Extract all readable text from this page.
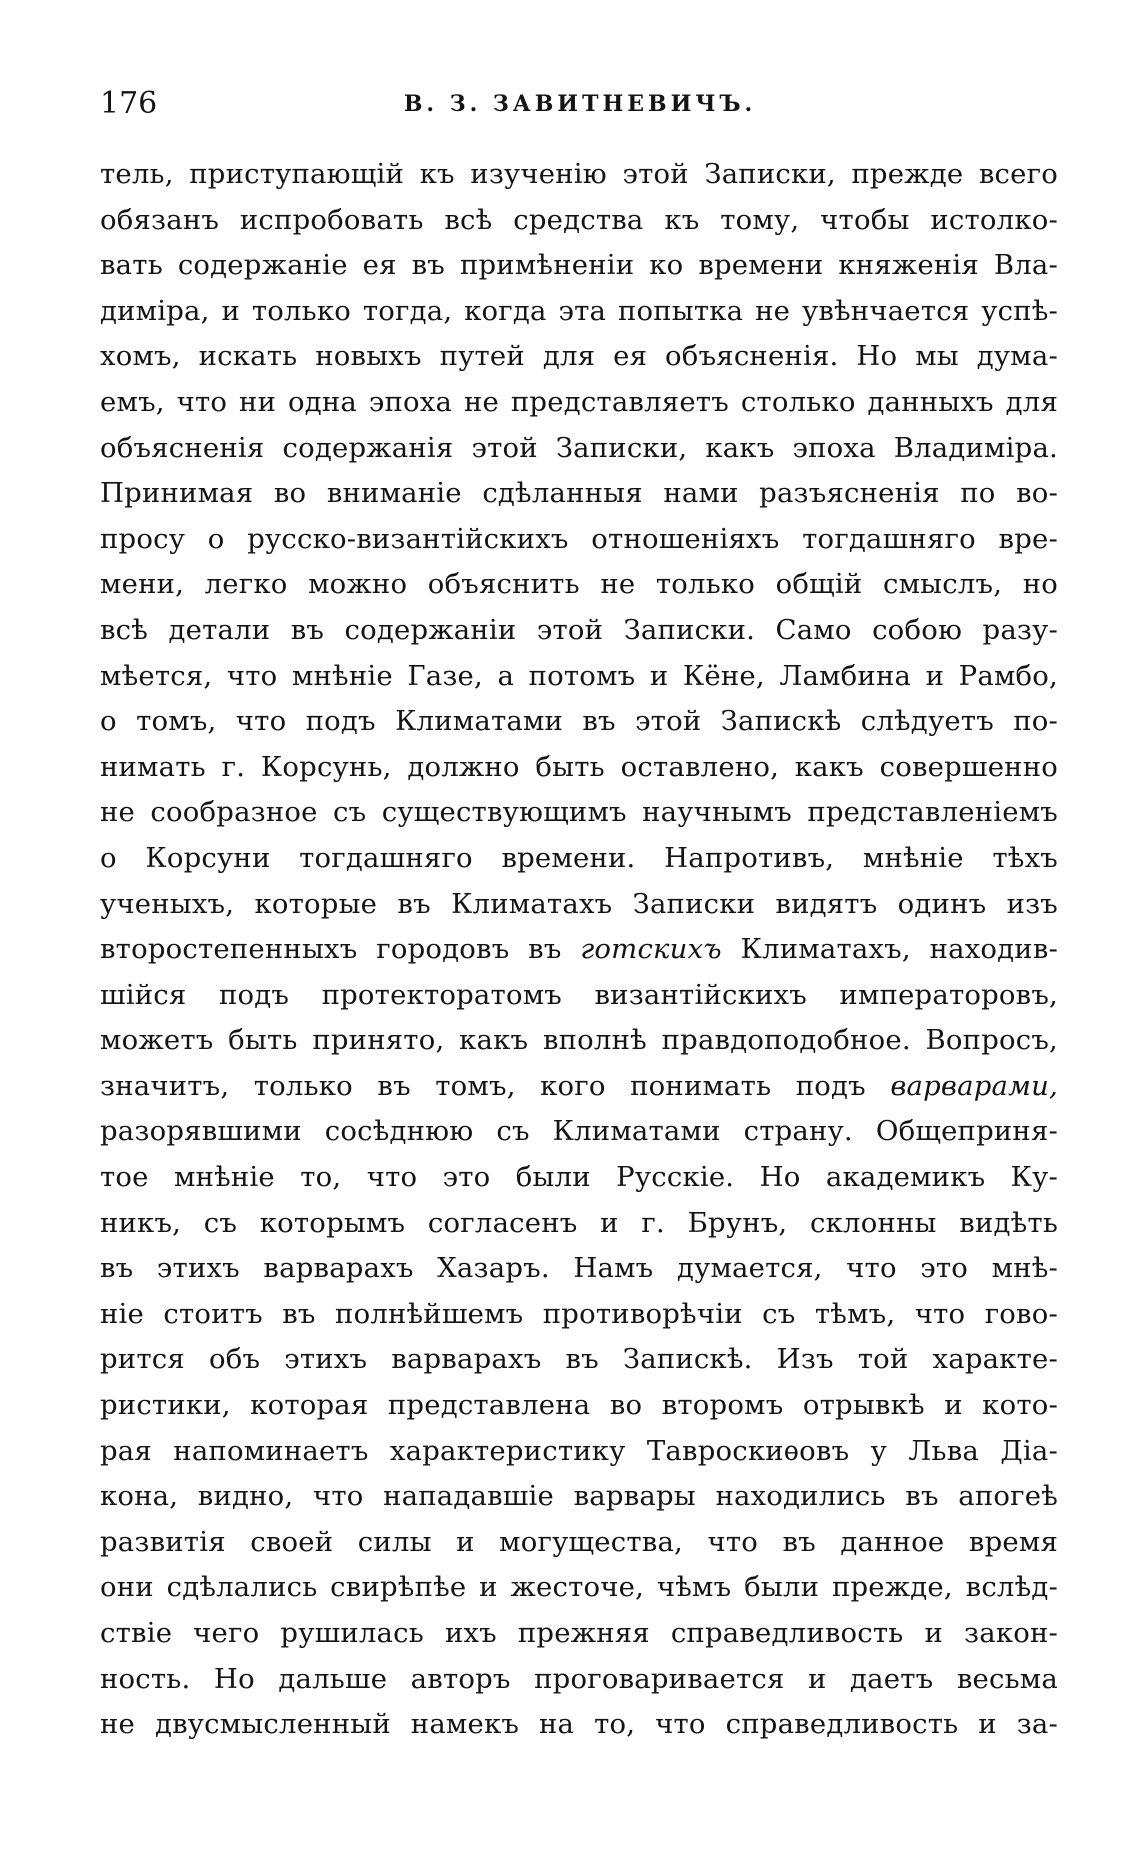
176	В. З. ЗАВИТНЕВИЧЪ.
тель, приступающій къ изученію этой Записки, прежде всего
обязанъ испробовать всѣ средства къ тому, чтобы истолко-
вать содержаніе ея въ примѣненіи ко времени княженія Вла-
диміра, и только тогда, когда эта попытка не увѣнчается успѣ-
хомъ, искать новыхъ путей для ея объясненія. Но мы дума-
емъ, что ни одна эпоха не представляетъ столько данныхъ для
объясненія содержанія этой Записки, какъ эпоха Владиміра.
Принимая во вниманіе сдѣланныя нами разъясненія по во-
просу о русско-византійскихъ отношеніяхъ тогдашняго вре-
мени, легко можно объяснить не только общій смыслъ, но
всѣ детали въ содержаніи этой Записки. Само собою разу-
мѣется, что мнѣніе Газе, а потомъ и Кёне, Ламбина и Рамбо,
о томъ, что подъ Климатами въ этой Запискѣ слѣдуетъ по-
нимать г. Корсунь, должно быть оставлено, какъ совершенно
не сообразное съ существующимъ научнымъ представленіемъ
о Корсуни тогдашняго времени. Напротивъ, мнѣніе тѣхъ
ученыхъ, которые въ Климатахъ Записки видятъ одинъ изъ
второстепенныхъ городовъ въ готскихъ Климатахъ, находив-
шійся подъ протекторатомъ византійскихъ императоровъ,
можетъ быть принято, какъ вполнѣ правдоподобное. Вопросъ,
значитъ, только въ томъ, кого понимать подъ варварами,
разорявшими сосѣднюю съ Климатами страну. Общеприня-
тое мнѣніе то, что это были Русскіе. Но академикъ Ку-
никъ, съ которымъ согласенъ и г. Брунъ, склонны видѣть
въ этихъ варварахъ Хазаръ. Намъ думается, что это мнѣ-
ніе стоитъ въ полнѣйшемъ противорѣчіи съ тѣмъ, что гово-
рится объ этихъ варварахъ въ Запискѣ. Изъ той характе-
ристики, которая представлена во второмъ отрывкѣ и кото-
рая напоминаетъ характеристику Тавроскиѳовъ у Льва Діа-
кона, видно, что нападавшіе варвары находились въ апогеѣ
развитія своей силы и могущества, что въ данное время
они сдѣлались свирѣпѣе и жесточе, чѣмъ были прежде, вслѣд-
ствіе чего рушилась ихъ прежняя справедливость и закон-
ность. Но дальше авторъ проговаривается и даетъ весьма
не двусмысленный намекъ на то, что справедливость и за-
